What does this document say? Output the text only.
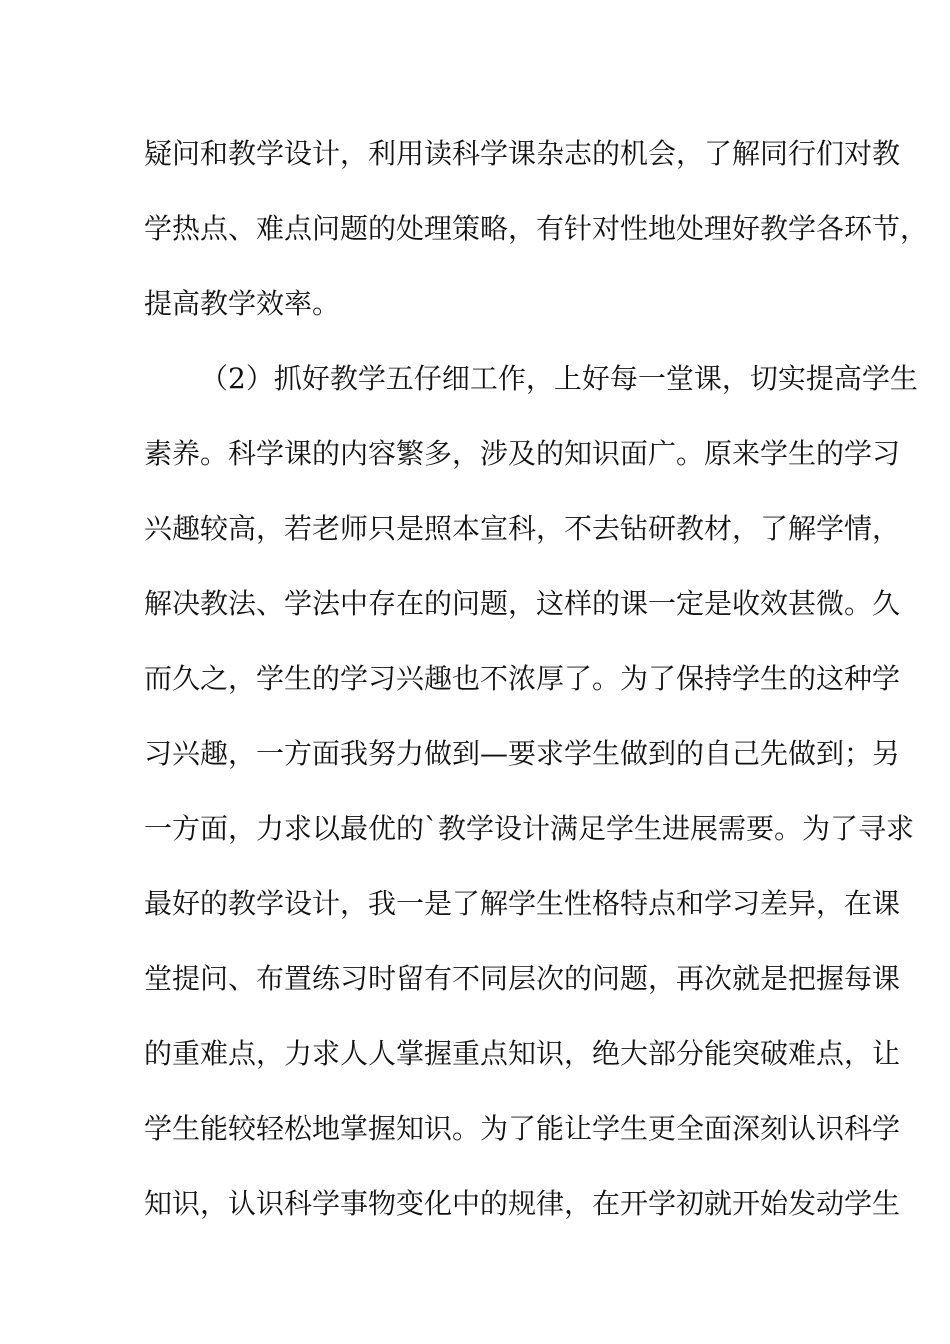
疑问和教学设计，利用读科学课杂志的机会，了解同行们对教
学热点、难点问题的处理策略，有针对性地处理好教学各环节，
提高教学效率。
（2）抓好教学五仔细工作，上好每一堂课，切实提高学生
素养。科学课的内容繁多，涉及的知识面广。原来学生的学习
兴趣较高，若老师只是照本宣科，不去钻研教材，了解学情，
解决教法、学法中存在的问题，这样的课一定是收效甚微。久
而久之，学生的学习兴趣也不浓厚了。为了保持学生的这种学
习兴趣，一方面我努力做到—要求学生做到的自己先做到；另
一方面，力求以最优的`教学设计满足学生进展需要。为了寻求
最好的教学设计，我一是了解学生性格特点和学习差异，在课
堂提问、布置练习时留有不同层次的问题，再次就是把握每课
的重难点，力求人人掌握重点知识，绝大部分能突破难点，让
学生能较轻松地掌握知识。为了能让学生更全面深刻认识科学
知识，认识科学事物变化中的规律，在开学初就开始发动学生
